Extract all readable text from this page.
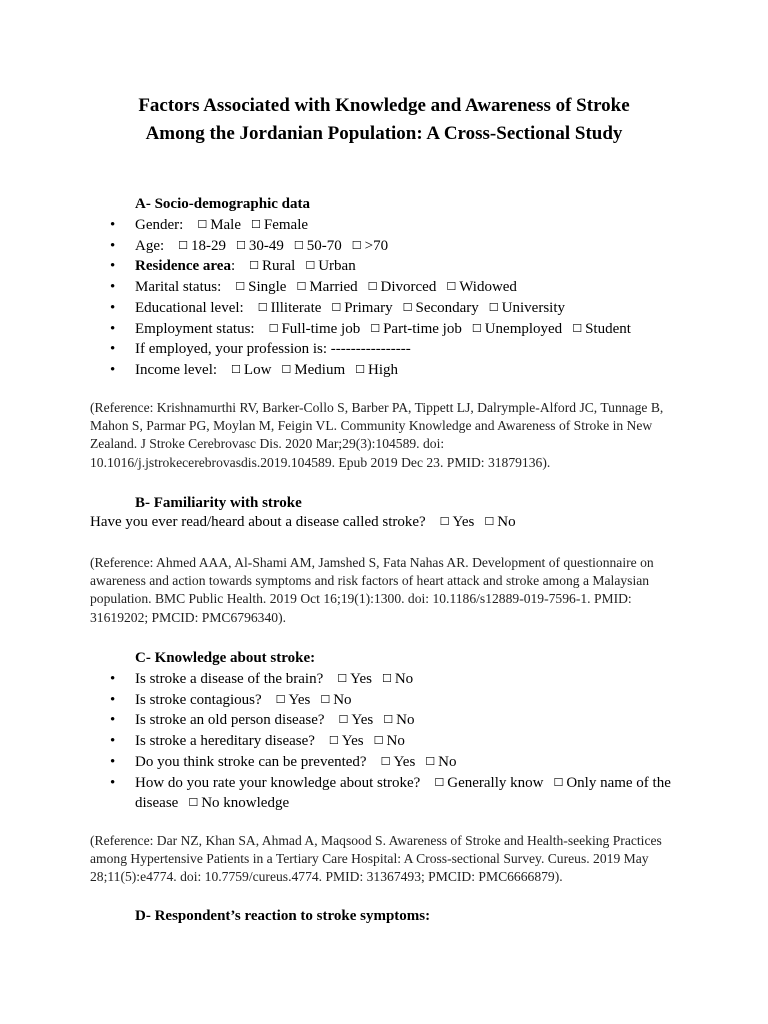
Factors Associated with Knowledge and Awareness of Stroke
Among the Jordanian Population: A Cross-Sectional Study
A- Socio-demographic data
• Gender: ☐ Male ☐ Female
• Age: ☐ 18-29 ☐ 30-49 ☐ 50-70 ☐ >70
• Residence area: ☐ Rural ☐ Urban
• Marital status: ☐ Single ☐ Married ☐ Divorced ☐ Widowed
• Educational level: ☐ Illiterate ☐ Primary ☐ Secondary ☐ University
• Employment status: ☐ Full-time job ☐ Part-time job ☐ Unemployed ☐ Student
• If employed, your profession is: ----------------
• Income level: ☐ Low ☐ Medium ☐ High
(Reference: Krishnamurthi RV, Barker-Collo S, Barber PA, Tippett LJ, Dalrymple-Alford JC, Tunnage B, Mahon S, Parmar PG, Moylan M, Feigin VL. Community Knowledge and Awareness of Stroke in New Zealand. J Stroke Cerebrovasc Dis. 2020 Mar;29(3):104589. doi: 10.1016/j.jstrokecerebrovasdis.2019.104589. Epub 2019 Dec 23. PMID: 31879136).
B- Familiarity with stroke
Have you ever read/heard about a disease called stroke? ☐ Yes ☐ No
(Reference: Ahmed AAA, Al-Shami AM, Jamshed S, Fata Nahas AR. Development of questionnaire on awareness and action towards symptoms and risk factors of heart attack and stroke among a Malaysian population. BMC Public Health. 2019 Oct 16;19(1):1300. doi: 10.1186/s12889-019-7596-1. PMID: 31619202; PMCID: PMC6796340).
C- Knowledge about stroke:
• Is stroke a disease of the brain? ☐ Yes ☐ No
• Is stroke contagious? ☐ Yes ☐ No
• Is stroke an old person disease? ☐ Yes ☐ No
• Is stroke a hereditary disease? ☐ Yes ☐ No
• Do you think stroke can be prevented? ☐ Yes ☐ No
• How do you rate your knowledge about stroke? ☐ Generally know ☐ Only name of the disease ☐ No knowledge
(Reference: Dar NZ, Khan SA, Ahmad A, Maqsood S. Awareness of Stroke and Health-seeking Practices among Hypertensive Patients in a Tertiary Care Hospital: A Cross-sectional Survey. Cureus. 2019 May 28;11(5):e4774. doi: 10.7759/cureus.4774. PMID: 31367493; PMCID: PMC6666879).
D- Respondent’s reaction to stroke symptoms:
